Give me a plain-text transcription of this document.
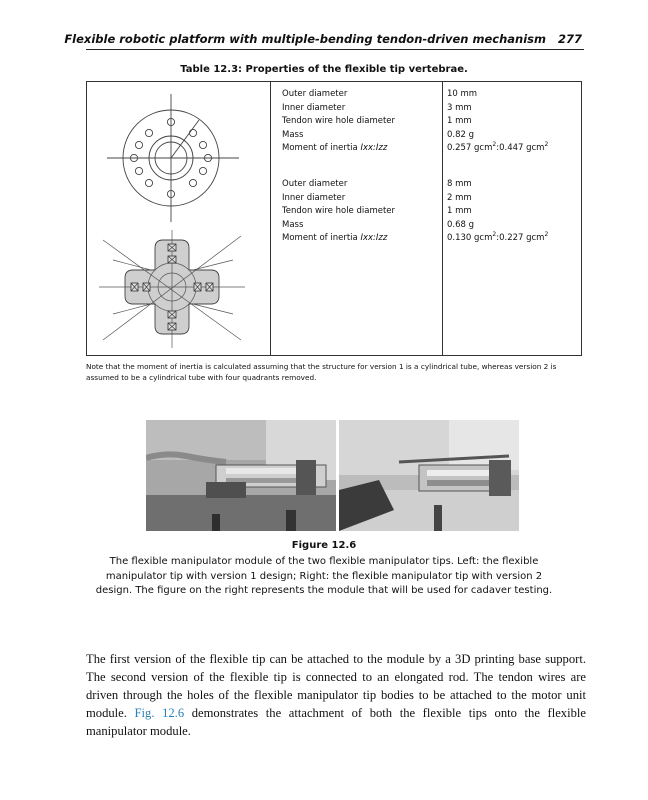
Flexible robotic platform with multiple-bending tendon-driven mechanism 277
Table 12.3: Properties of the flexible tip vertebrae.
Outer diameter	10 mm
Inner diameter	3 mm
Tendon wire hole diameter	1 mm
Mass	0.82 g
Moment of inertia Ixx:Izz	0.257 gcm$^2$:0.447 gcm$^2$
Outer diameter	8 mm
Inner diameter	2 mm
Tendon wire hole diameter	1 mm
Mass	0.68 g
Moment of inertia Ixx:Izz	0.130 gcm$^2$:0.227 gcm$^2$
Note that the moment of inertia is calculated assuming that the structure for version 1 is a cylindrical tube, whereas version 2 is assumed to be a cylindrical tube with four quadrants removed.
Figure 12.6
The flexible manipulator module of the two flexible manipulator tips. Left: the flexible manipulator tip with version 1 design; Right: the flexible manipulator tip with version 2 design. The figure on the right represents the module that will be used for cadaver testing.

The first version of the flexible tip can be attached to the module by a 3D printing base support. The second version of the flexible tip is connected to an elongated rod. The tendon wires are driven through the holes of the flexible manipulator tip bodies to be attached to the motor unit module. Fig. 12.6 demonstrates the attachment of both the flexible tips onto the flexible manipulator module.
